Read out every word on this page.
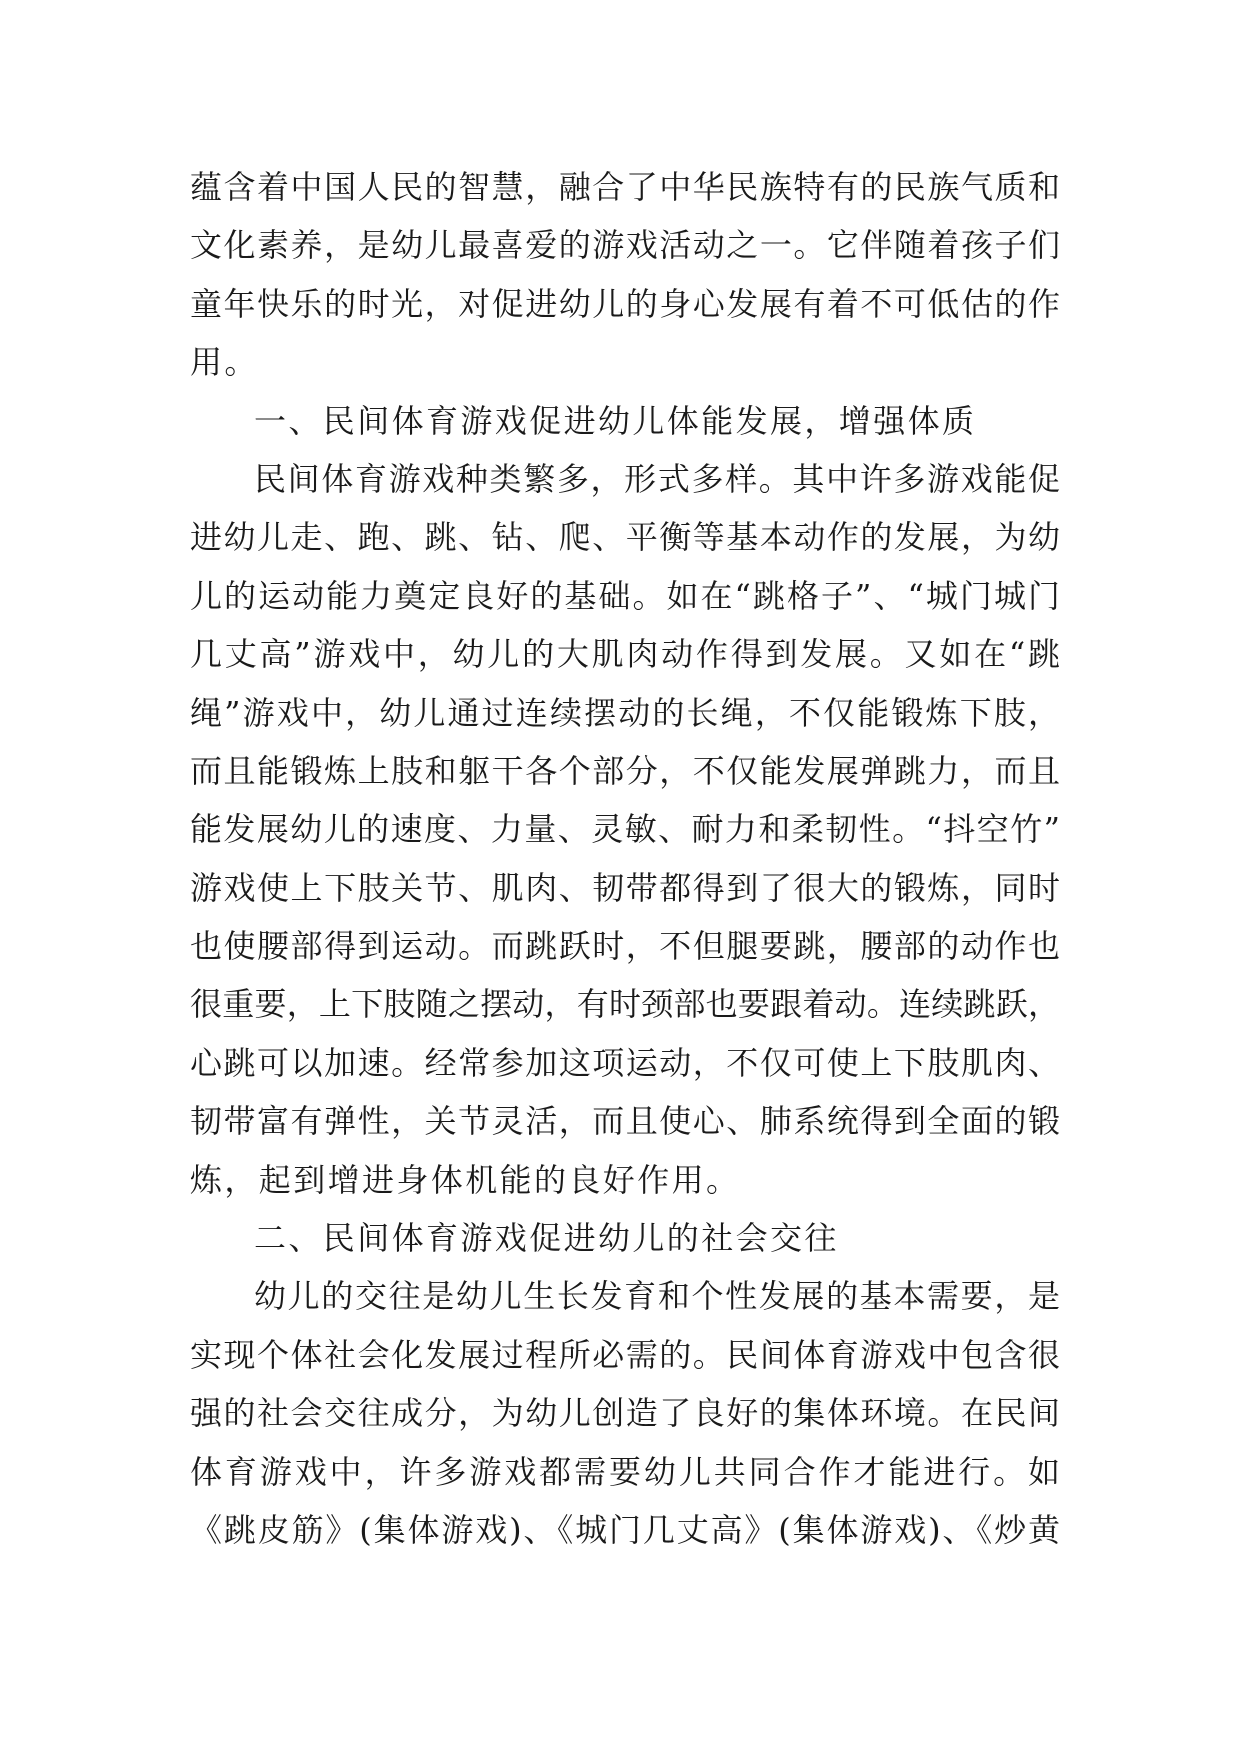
蕴含着中国人民的智慧，融合了中华民族特有的民族气质和
文化素养，是幼儿最喜爱的游戏活动之一。它伴随着孩子们
童年快乐的时光，对促进幼儿的身心发展有着不可低估的作
用。
一、民间体育游戏促进幼儿体能发展，增强体质
民间体育游戏种类繁多，形式多样。其中许多游戏能促
进幼儿走、跑、跳、钻、爬、平衡等基本动作的发展，为幼
儿的运动能力奠定良好的基础。如在“跳格子”、“城门城门
几丈高”游戏中，幼儿的大肌肉动作得到发展。又如在“跳
绳”游戏中，幼儿通过连续摆动的长绳，不仅能锻炼下肢，
而且能锻炼上肢和躯干各个部分，不仅能发展弹跳力，而且
能发展幼儿的速度、力量、灵敏、耐力和柔韧性。“抖空竹”
游戏使上下肢关节、肌肉、韧带都得到了很大的锻炼，同时
也使腰部得到运动。而跳跃时，不但腿要跳，腰部的动作也
很重要，上下肢随之摆动，有时颈部也要跟着动。连续跳跃，
心跳可以加速。经常参加这项运动，不仅可使上下肢肌肉、
韧带富有弹性，关节灵活，而且使心、肺系统得到全面的锻
炼，起到增进身体机能的良好作用。
二、民间体育游戏促进幼儿的社会交往
幼儿的交往是幼儿生长发育和个性发展的基本需要，是
实现个体社会化发展过程所必需的。民间体育游戏中包含很
强的社会交往成分，为幼儿创造了良好的集体环境。在民间
体育游戏中，许多游戏都需要幼儿共同合作才能进行。如
《跳皮筋》(集体游戏)、《城门几丈高》(集体游戏)、《炒黄
